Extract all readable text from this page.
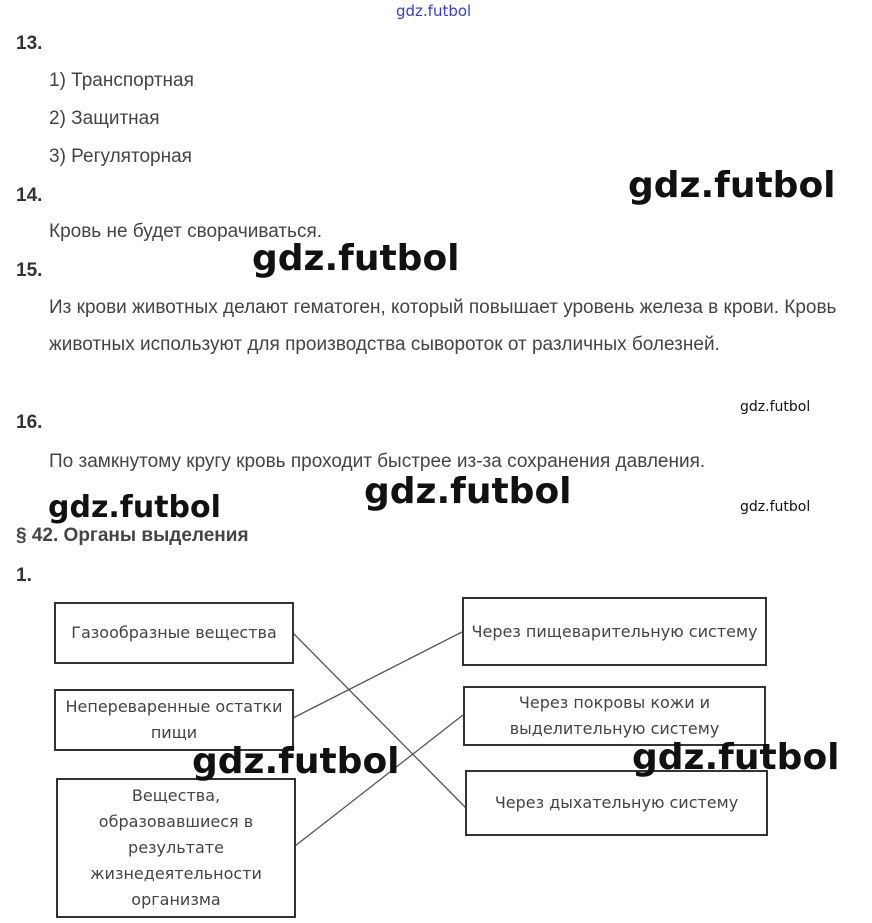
gdz.futbol
13.
1) Транспортная
2) Защитная
3) Регуляторная
14.	gdz.futbol
Кровь не будет сворачиваться.
15.	gdz.futbol
Из крови животных делают гематоген, который повышает уровень железа в крови. Кровь животных используют для производства сывороток от различных болезней.
gdz.futbol
16.
По замкнутому кругу кровь проходит быстрее из-за сохранения давления.
gdz.futbol	gdz.futbol	gdz.futbol
§ 42. Органы выделения
1.
Газообразные вещества
Непереваренные остатки пищи
Вещества, образовавшиеся в результате жизнедеятельности организма
Через пищеварительную систему
Через покровы кожи и выделительную систему
Через дыхательную систему
gdz.futbol	gdz.futbol
